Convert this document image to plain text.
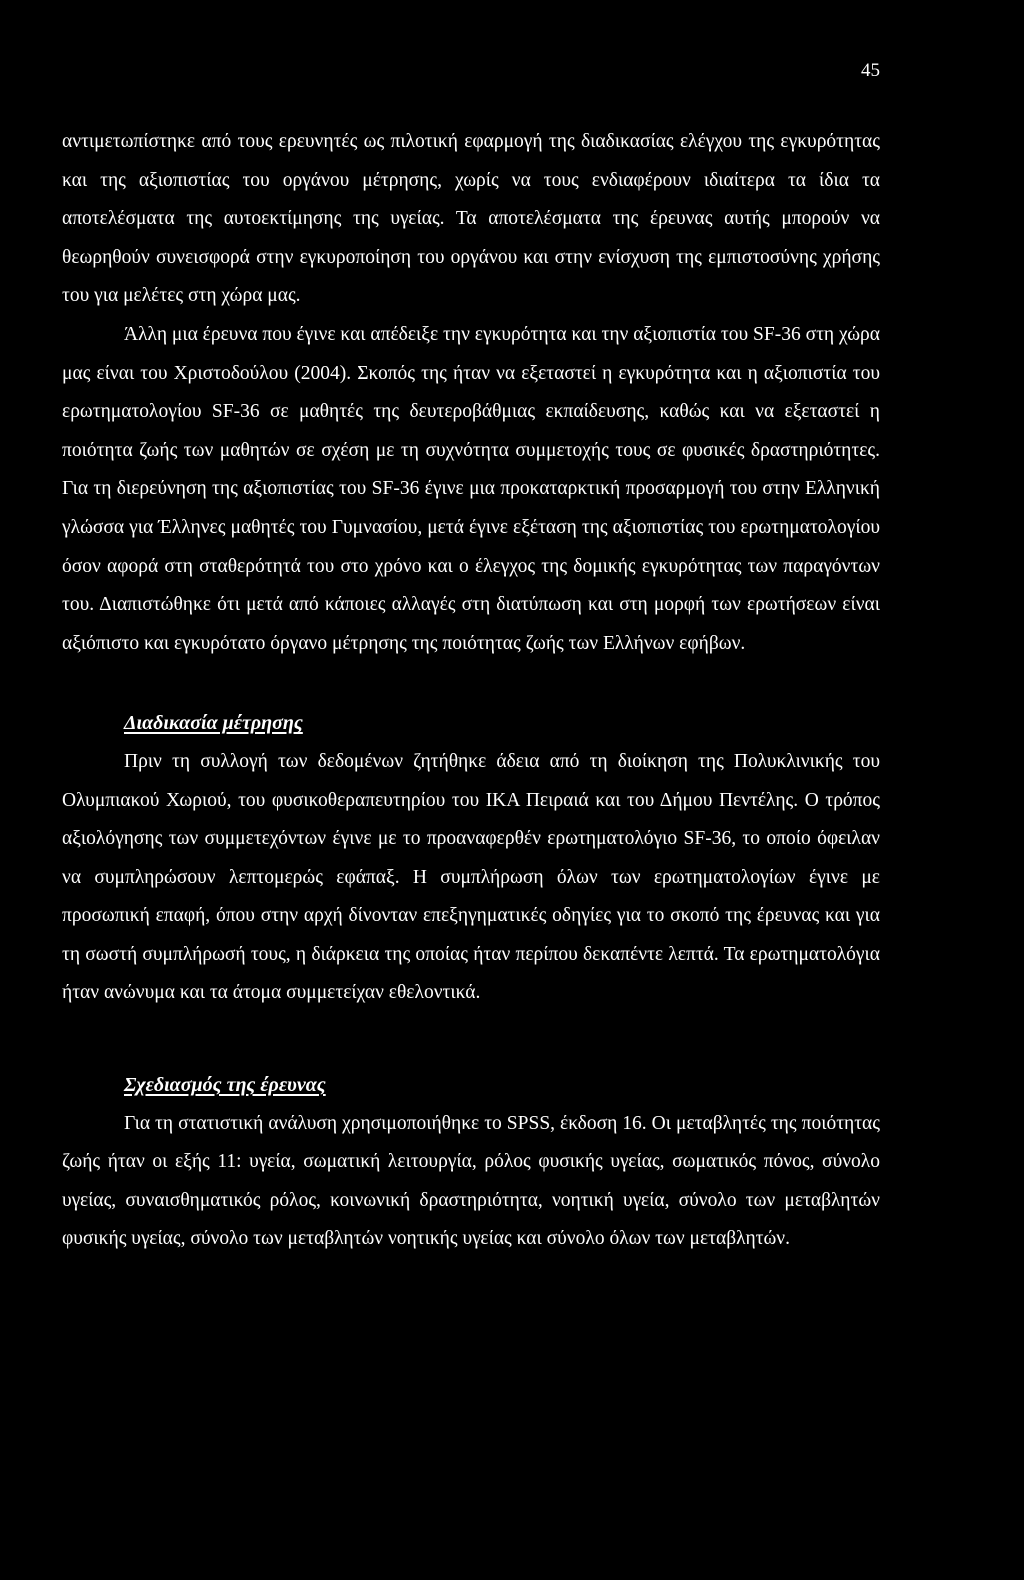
45

αντιμετωπίστηκε από τους ερευνητές ως πιλοτική εφαρμογή της διαδικασίας ελέγχου της εγκυρότητας και της αξιοπιστίας του οργάνου μέτρησης, χωρίς να τους ενδιαφέρουν ιδιαίτερα τα ίδια τα αποτελέσματα της αυτοεκτίμησης της υγείας. Τα αποτελέσματα της έρευνας αυτής μπορούν να θεωρηθούν συνεισφορά στην εγκυροποίηση του οργάνου και στην ενίσχυση της εμπιστοσύνης χρήσης του για μελέτες στη χώρα μας.

Άλλη μια έρευνα που έγινε και απέδειξε την εγκυρότητα και την αξιοπιστία του SF-36 στη χώρα μας είναι του Χριστοδούλου (2004). Σκοπός της ήταν να εξεταστεί η εγκυρότητα και η αξιοπιστία του ερωτηματολογίου SF-36 σε μαθητές της δευτεροβάθμιας εκπαίδευσης, καθώς και να εξεταστεί η ποιότητα ζωής των μαθητών σε σχέση με τη συχνότητα συμμετοχής τους σε φυσικές δραστηριότητες. Για τη διερεύνηση της αξιοπιστίας του SF-36 έγινε μια προκαταρκτική προσαρμογή του στην Ελληνική γλώσσα για Έλληνες μαθητές του Γυμνασίου, μετά έγινε εξέταση της αξιοπιστίας του ερωτηματολογίου όσον αφορά στη σταθερότητά του στο χρόνο και ο έλεγχος της δομικής εγκυρότητας των παραγόντων του. Διαπιστώθηκε ότι μετά από κάποιες αλλαγές στη διατύπωση και στη μορφή των ερωτήσεων είναι αξιόπιστο και εγκυρότατο όργανο μέτρησης της ποιότητας ζωής των Ελλήνων εφήβων.

Διαδικασία μέτρησης

Πριν τη συλλογή των δεδομένων ζητήθηκε άδεια από τη διοίκηση της Πολυκλινικής του Ολυμπιακού Χωριού, του φυσικοθεραπευτηρίου του ΙΚΑ Πειραιά και του Δήμου Πεντέλης. Ο τρόπος αξιολόγησης των συμμετεχόντων έγινε με το προαναφερθέν ερωτηματολόγιο SF-36, το οποίο όφειλαν να συμπληρώσουν λεπτομερώς εφάπαξ. Η συμπλήρωση όλων των ερωτηματολογίων έγινε με προσωπική επαφή, όπου στην αρχή δίνονταν επεξηγηματικές οδηγίες για το σκοπό της έρευνας και για τη σωστή συμπλήρωσή τους, η διάρκεια της οποίας ήταν περίπου δεκαπέντε λεπτά. Τα ερωτηματολόγια ήταν ανώνυμα και τα άτομα συμμετείχαν εθελοντικά.

Σχεδιασμός της έρευνας

Για τη στατιστική ανάλυση χρησιμοποιήθηκε το SPSS, έκδοση 16. Οι μεταβλητές της ποιότητας ζωής ήταν οι εξής 11: υγεία, σωματική λειτουργία, ρόλος φυσικής υγείας, σωματικός πόνος, σύνολο υγείας, συναισθηματικός ρόλος, κοινωνική δραστηριότητα, νοητική υγεία, σύνολο των μεταβλητών φυσικής υγείας, σύνολο των μεταβλητών νοητικής υγείας και σύνολο όλων των μεταβλητών.
